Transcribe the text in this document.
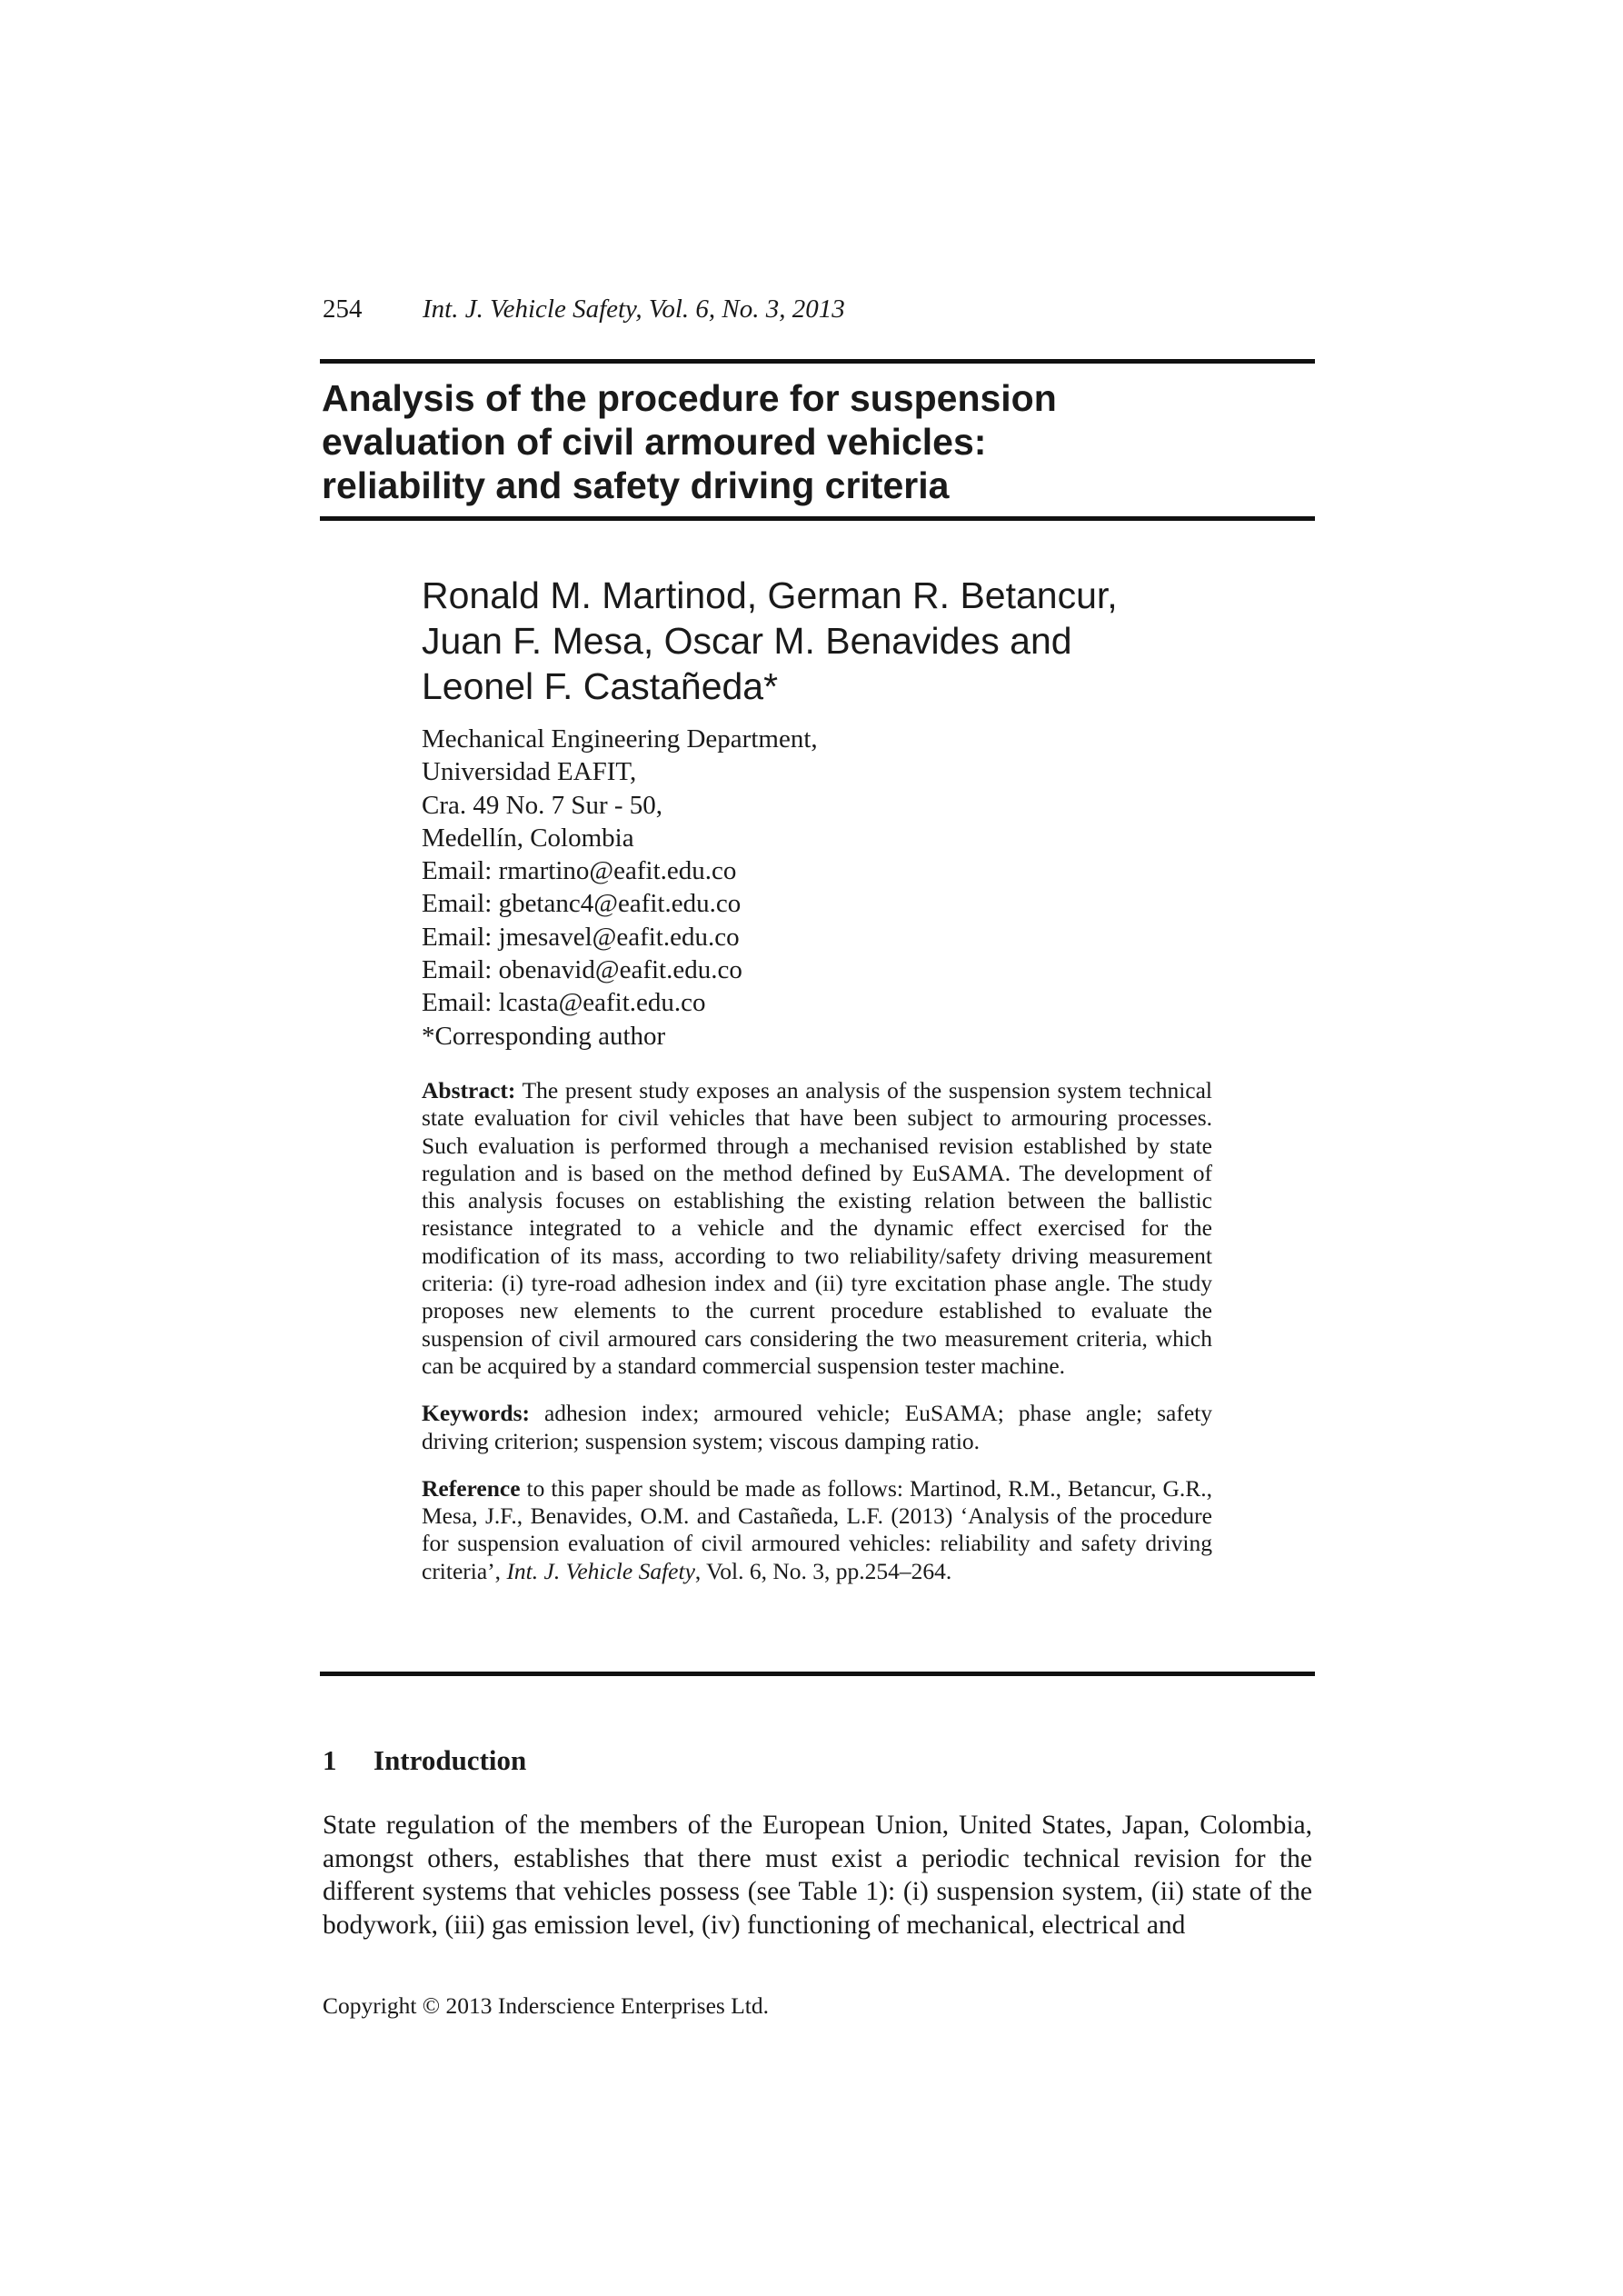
254 Int. J. Vehicle Safety, Vol. 6, No. 3, 2013
Analysis of the procedure for suspension
evaluation of civil armoured vehicles:
reliability and safety driving criteria
Ronald M. Martinod, German R. Betancur,
Juan F. Mesa, Oscar M. Benavides and
Leonel F. Castañeda*
Mechanical Engineering Department,
Universidad EAFIT,
Cra. 49 No. 7 Sur - 50,
Medellín, Colombia
Email: rmartino@eafit.edu.co
Email: gbetanc4@eafit.edu.co
Email: jmesavel@eafit.edu.co
Email: obenavid@eafit.edu.co
Email: lcasta@eafit.edu.co
*Corresponding author

Abstract: The present study exposes an analysis of the suspension system technical state evaluation for civil vehicles that have been subject to armouring processes. Such evaluation is performed through a mechanised revision established by state regulation and is based on the method defined by EuSAMA. The development of this analysis focuses on establishing the existing relation between the ballistic resistance integrated to a vehicle and the dynamic effect exercised for the modification of its mass, according to two reliability/safety driving measurement criteria: (i) tyre-road adhesion index and (ii) tyre excitation phase angle. The study proposes new elements to the current procedure established to evaluate the suspension of civil armoured cars considering the two measurement criteria, which can be acquired by a standard commercial suspension tester machine.

Keywords: adhesion index; armoured vehicle; EuSAMA; phase angle; safety driving criterion; suspension system; viscous damping ratio.

Reference to this paper should be made as follows: Martinod, R.M., Betancur, G.R., Mesa, J.F., Benavides, O.M. and Castañeda, L.F. (2013) ‘Analysis of the procedure for suspension evaluation of civil armoured vehicles: reliability and safety driving criteria’, Int. J. Vehicle Safety, Vol. 6, No. 3, pp.254–264.

1 Introduction

State regulation of the members of the European Union, United States, Japan, Colombia, amongst others, establishes that there must exist a periodic technical revision for the different systems that vehicles possess (see Table 1): (i) suspension system, (ii) state of the bodywork, (iii) gas emission level, (iv) functioning of mechanical, electrical and

Copyright © 2013 Inderscience Enterprises Ltd.
